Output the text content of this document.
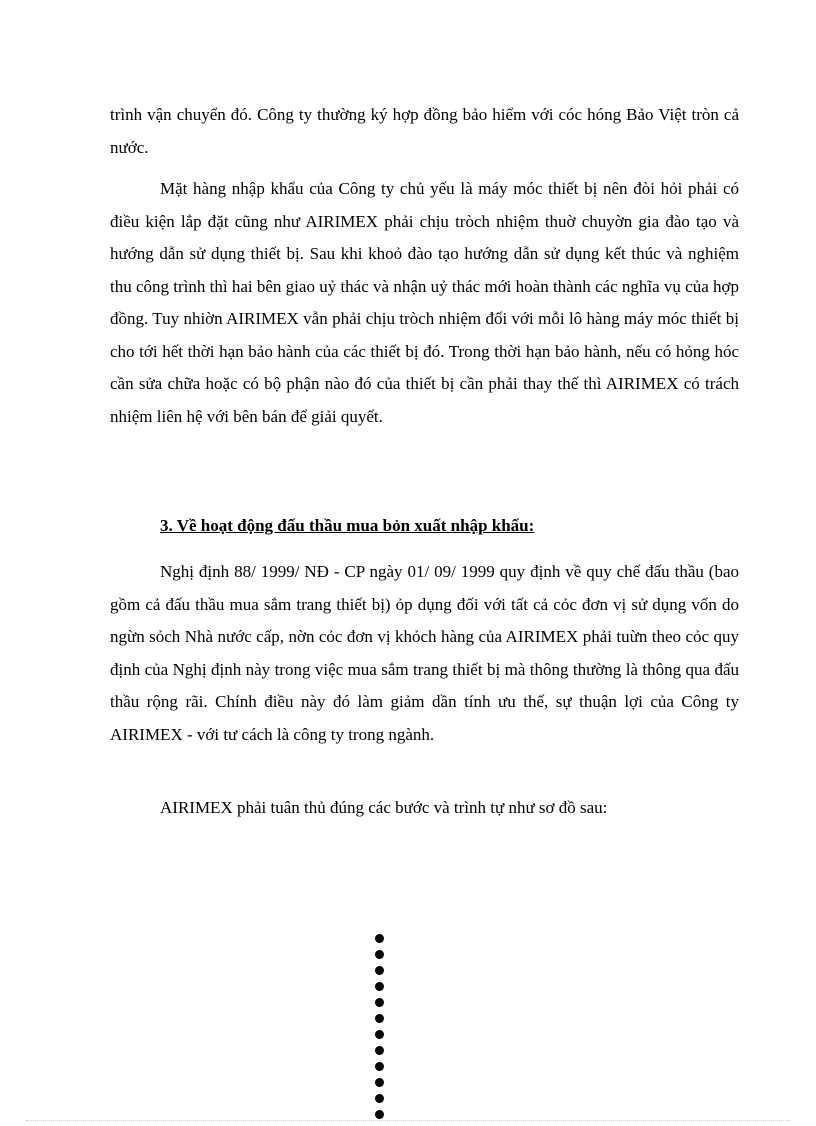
trình vận chuyển đó. Công ty thường ký hợp đồng bảo hiểm với cóc hóng Bảo Việt tròn cả nước.

Mặt hàng nhập khẩu của Công ty chủ yếu là máy móc thiết bị nên đòi hỏi phải có điều kiện lắp đặt cũng như AIRIMEX phải chịu tròch nhiệm thuờ chuyờn gia đào tạo và hướng dẫn sử dụng thiết bị. Sau khi khoỏ đào tạo hướng dẫn sử dụng kết thúc và nghiệm thu công trình thì hai bên giao uỷ thác và nhận uỷ thác mới hoàn thành các nghĩa vụ của hợp đồng. Tuy nhiờn AIRIMEX vẫn phải chịu tròch nhiệm đối với mỗi lô hàng máy móc thiết bị cho tới hết thời hạn bảo hành của các thiết bị đó. Trong thời hạn bảo hành, nếu có hỏng hóc cần sửa chữa hoặc có bộ phận nào đó của thiết bị cần phải thay thế thì AIRIMEX có trách nhiệm liên hệ với bên bán để giải quyết.

3. Về hoạt động đấu thầu mua bỏn xuất nhập khẩu:

Nghị định 88/ 1999/ NĐ - CP ngày 01/ 09/ 1999 quy định về quy chế đấu thầu (bao gồm cả đấu thầu mua sắm trang thiết bị) ỏp dụng đối với tất cả cỏc đơn vị sử dụng vốn do ngừn sỏch Nhà nước cấp, nờn cỏc đơn vị khỏch hàng của AIRIMEX phải tuừn theo cỏc quy định của Nghị định này trong việc mua sắm trang thiết bị mà thông thường là thông qua đấu thầu rộng rãi. Chính điều này đó làm giảm dần tính ưu thế, sự thuận lợi của Công ty AIRIMEX - với tư cách là công ty trong ngành.

AIRIMEX phải tuân thủ đúng các bước và trình tự như sơ đồ sau:
